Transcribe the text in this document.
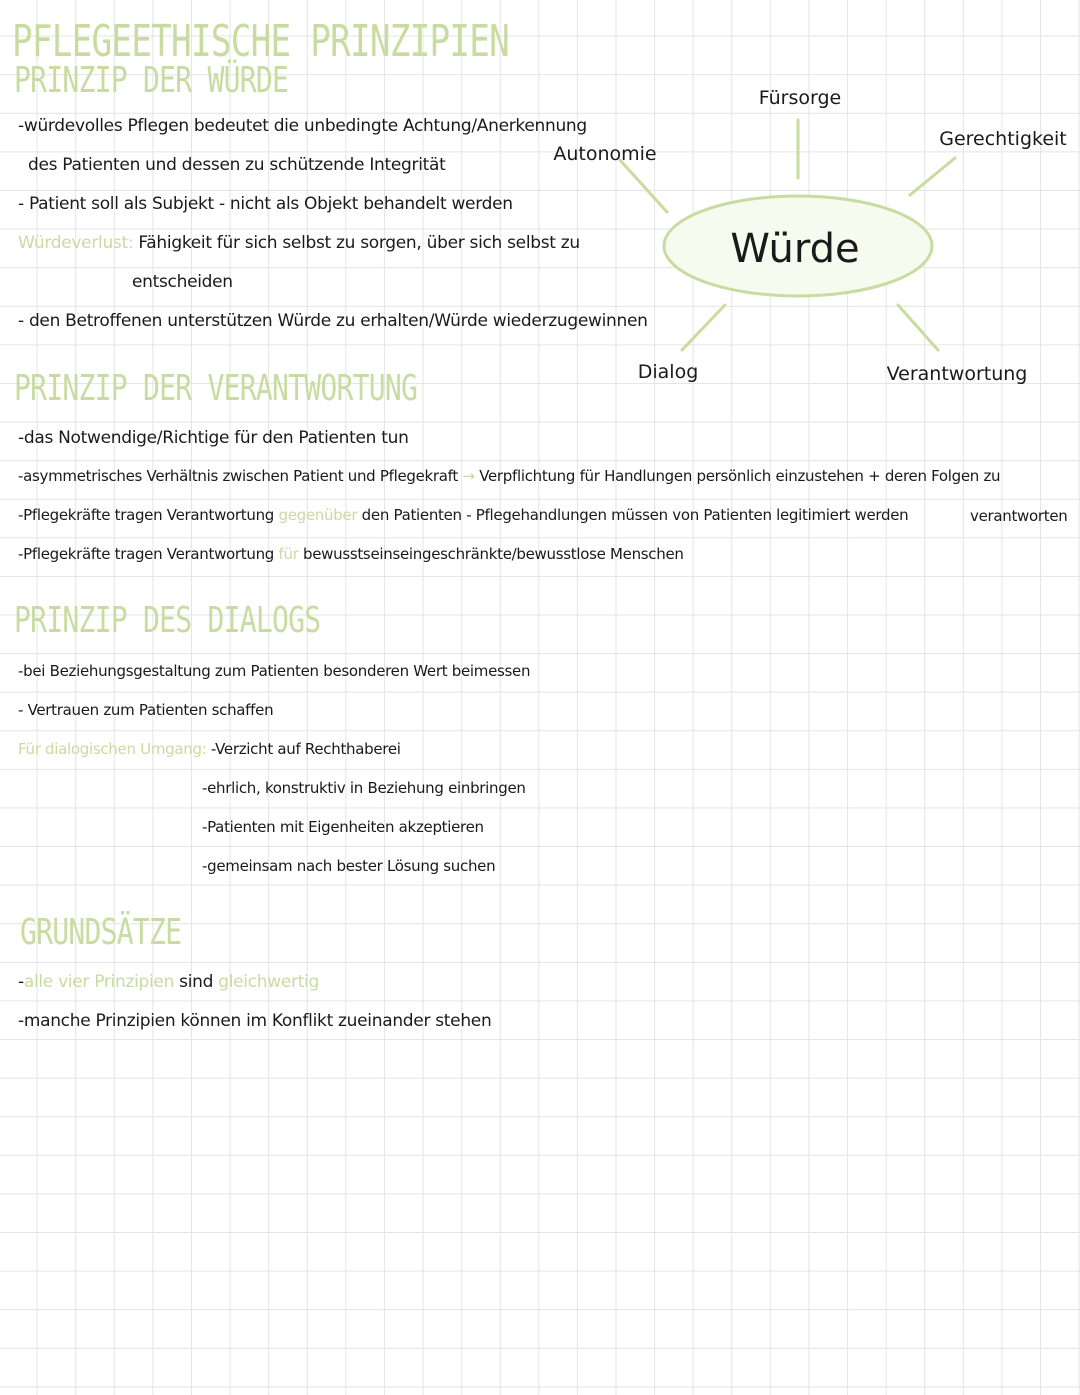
PFLEGEETHISCHE PRINZIPIEN
PRINZIP DER WÜRDE
-würdevolles Pflegen bedeutet die unbedingte Achtung/Anerkennung
des Patienten und dessen zu schützende Integrität
- Patient soll als Subjekt - nicht als Objekt behandelt werden
Würdeverlust: Fähigkeit für sich selbst zu sorgen, über sich selbst zu
entscheiden
- den Betroffenen unterstützen Würde zu erhalten/Würde wiederzugewinnen
Würde
Fürsorge
Autonomie
Gerechtigkeit
Dialog	Verantwortung
PRINZIP DER VERANTWORTUNG
-das Notwendige/Richtige für den Patienten tun
-asymmetrisches Verhältnis zwischen Patient und Pflegekraft → Verpflichtung für Handlungen persönlich einzustehen + deren Folgen zu
verantworten
-Pflegekräfte tragen Verantwortung gegenüber den Patienten - Pflegehandlungen müssen von Patienten legitimiert werden
-Pflegekräfte tragen Verantwortung für bewusstseinseingeschränkte/bewusstlose Menschen
PRINZIP DES DIALOGS
-bei Beziehungsgestaltung zum Patienten besonderen Wert beimessen
- Vertrauen zum Patienten schaffen
Für dialogischen Umgang: -Verzicht auf Rechthaberei
-ehrlich, konstruktiv in Beziehung einbringen
-Patienten mit Eigenheiten akzeptieren
-gemeinsam nach bester Lösung suchen
GRUNDSÄTZE
-alle vier Prinzipien sind gleichwertig
-manche Prinzipien können im Konflikt zueinander stehen
